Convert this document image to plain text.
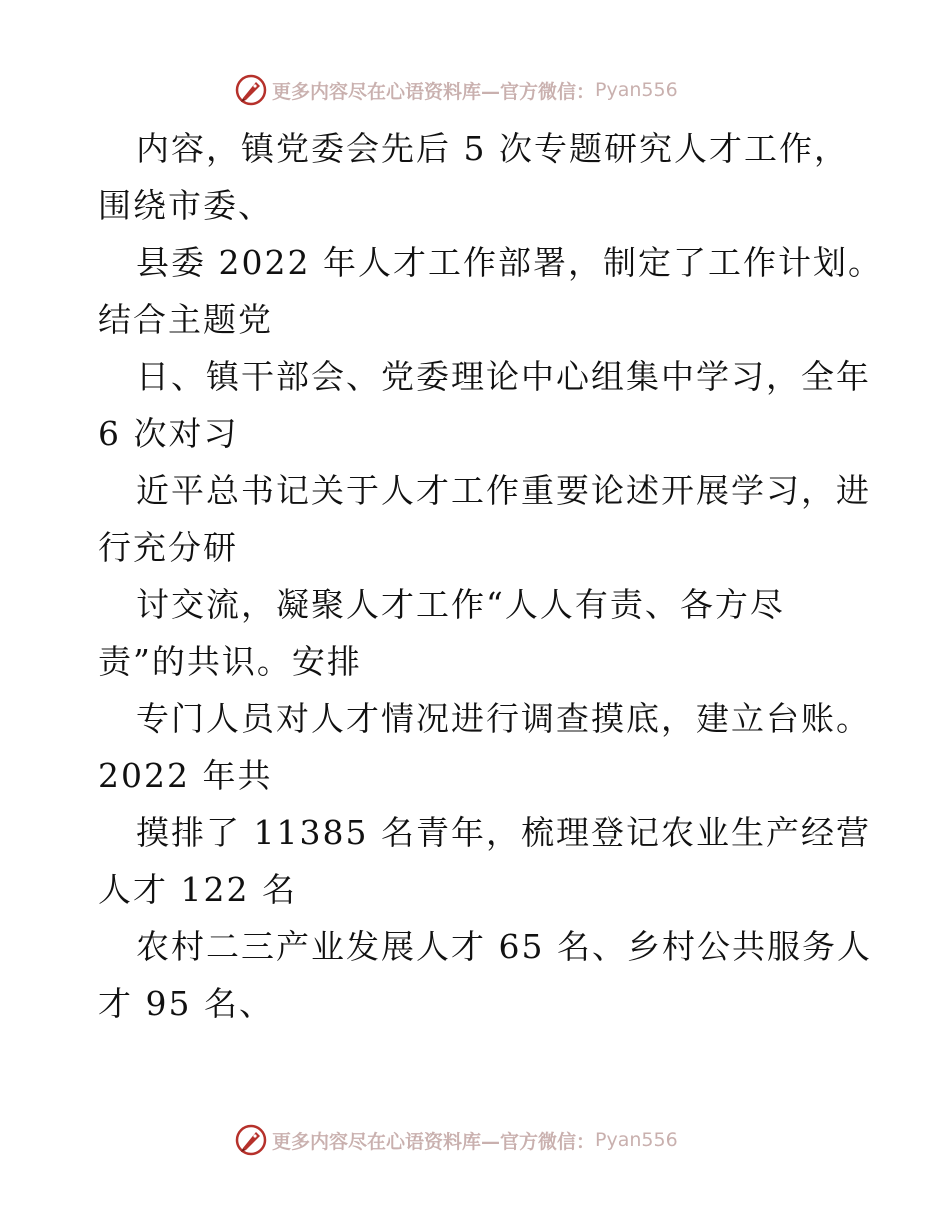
更多内容尽在心语资料库—官方微信： Pyan556
内容，镇党委会先后 5 次专题研究人才工作，
围绕市委、
县委 2022 年人才工作部署，制定了工作计划。
结合主题党
日、镇干部会、党委理论中心组集中学习，全年
6 次对习
近平总书记关于人才工作重要论述开展学习，进
行充分研
讨交流，凝聚人才工作“人人有责、各方尽
责”的共识。安排
专门人员对人才情况进行调查摸底，建立台账。
2022 年共
摸排了 11385 名青年，梳理登记农业生产经营
人才 122 名
农村二三产业发展人才 65 名、乡村公共服务人
才 95 名、
更多内容尽在心语资料库—官方微信： Pyan556
